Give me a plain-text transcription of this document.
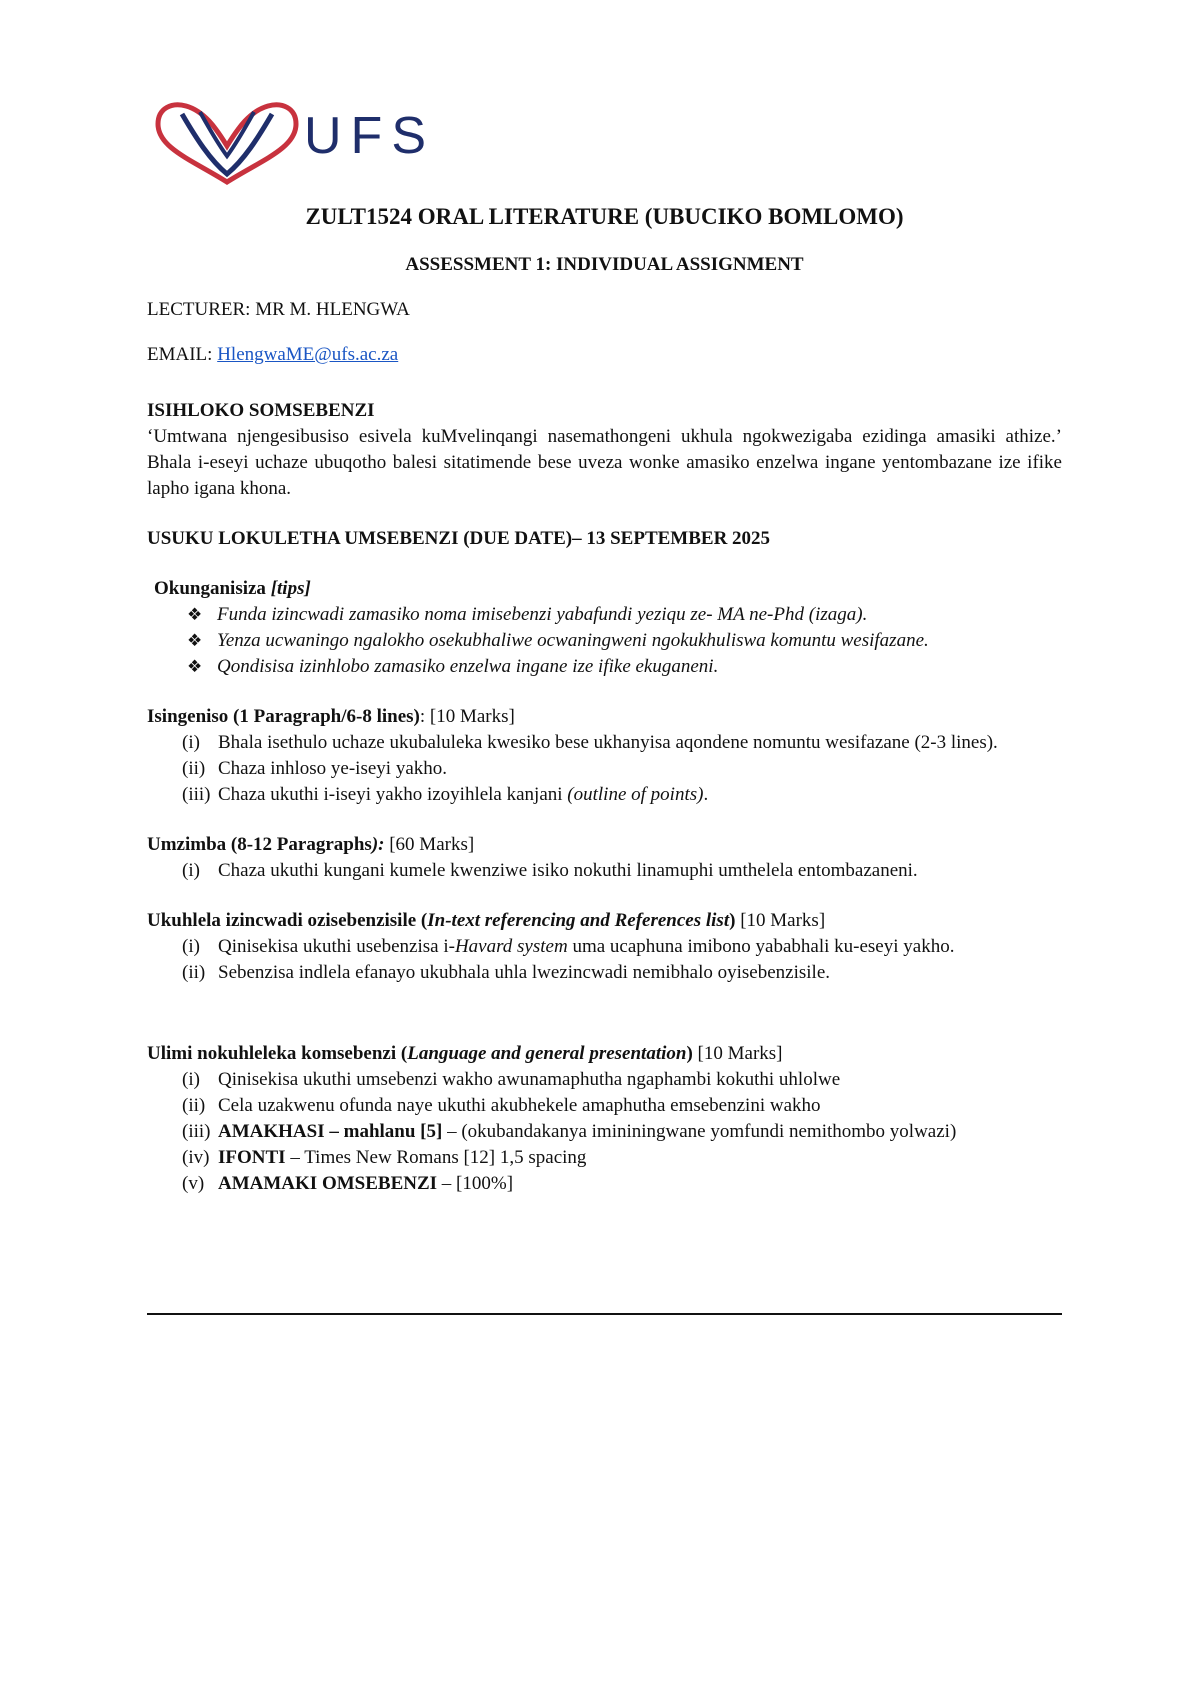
UFS
ZULT1524 ORAL LITERATURE (UBUCIKO BOMLOMO)
ASSESSMENT 1: INDIVIDUAL ASSIGNMENT

LECTURER: MR M. HLENGWA

EMAIL: HlengwaME@ufs.ac.za

ISIHLOKO SOMSEBENZI

‘Umtwana njengesibusiso esivela kuMvelinqangi nasemathongeni ukhula ngokwezigaba ezidinga amasiki athize.’ Bhala i-eseyi uchaze ubuqotho balesi sitatimende bese uveza wonke amasiko enzelwa ingane yentombazane ize ifike lapho igana khona.

USUKU LOKULETHA UMSEBENZI (DUE DATE)– 13 SEPTEMBER 2025

Okunganisiza [tips]

❖ Funda izincwadi zamasiko noma imisebenzi yabafundi yeziqu ze- MA ne-Phd (izaga).
❖ Yenza ucwaningo ngalokho osekubhaliwe ocwaningweni ngokukhuliswa komuntu wesifazane.
❖ Qondisisa izinhlobo zamasiko enzelwa ingane ize ifike ekuganeni.

Isingeniso (1 Paragraph/6-8 lines): [10 Marks]

(i) Bhala isethulo uchaze ukubaluleka kwesiko bese ukhanyisa aqondene nomuntu wesifazane (2-3 lines).
(ii) Chaza inhloso ye-iseyi yakho.
(iii) Chaza ukuthi i-iseyi yakho izoyihlela kanjani (outline of points).

Umzimba (8-12 Paragraphs): [60 Marks]

(i) Chaza ukuthi kungani kumele kwenziwe isiko nokuthi linamuphi umthelela entombazaneni.

Ukuhlela izincwadi ozisebenzisile (In-text referencing and References list) [10 Marks]

(i) Qinisekisa ukuthi usebenzisa i-Havard system uma ucaphuna imibono yababhali ku-eseyi yakho.
(ii) Sebenzisa indlela efanayo ukubhala uhla lwezincwadi nemibhalo oyisebenzisile.

Ulimi nokuhleleka komsebenzi (Language and general presentation) [10 Marks]

(i) Qinisekisa ukuthi umsebenzi wakho awunamaphutha ngaphambi kokuthi uhlolwe
(ii) Cela uzakwenu ofunda naye ukuthi akubhekele amaphutha emsebenzini wakho
(iii) AMAKHASI – mahlanu [5] – (okubandakanya imininingwane yomfundi nemithombo yolwazi)
(iv) IFONTI – Times New Romans [12] 1,5 spacing
(v) AMAMAKI OMSEBENZI – [100%]
